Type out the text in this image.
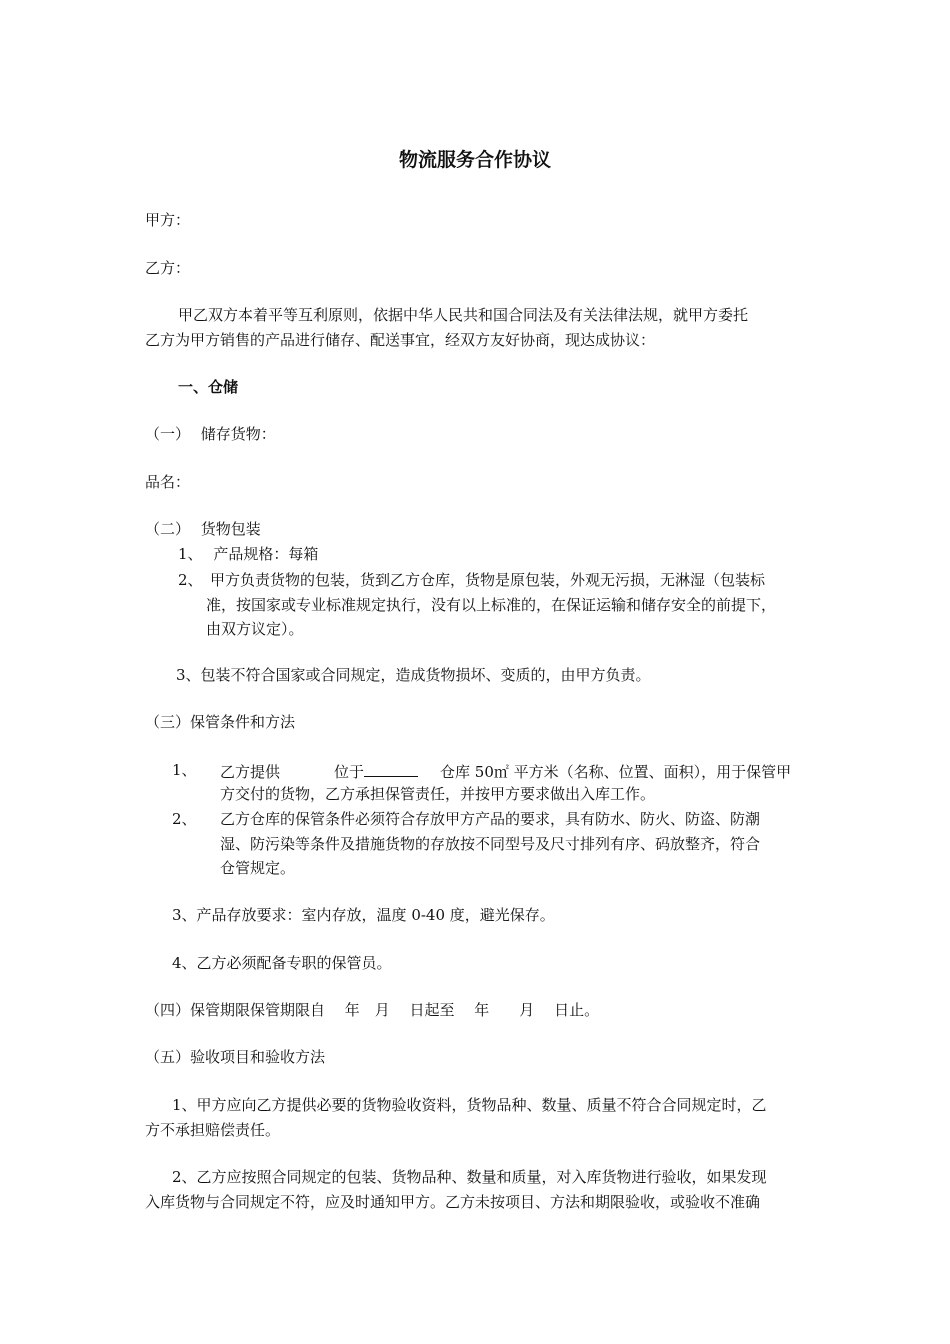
物流服务合作协议
甲方：
乙方：
甲乙双方本着平等互利原则，依据中华人民共和国合同法及有关法律法规，就甲方委托
乙方为甲方销售的产品进行储存、配送事宜，经双方友好协商，现达成协议：
一、仓储
（一） 储存货物：
品名：
（二） 货物包装
1、 产品规格：每箱
2、 甲方负责货物的包装，货到乙方仓库，货物是原包装，外观无污损，无淋湿（包装标
准，按国家或专业标准规定执行，没有以上标准的，在保证运输和储存安全的前提下，
由双方议定）。
3、包装不符合国家或合同规定，造成货物损坏、变质的，由甲方负责。
（三）保管条件和方法
1、 乙方提供	位于	仓库 50㎡ 平方米（名称、位置、面积），用于保管甲
方交付的货物，乙方承担保管责任，并按甲方要求做出入库工作。
2、 乙方仓库的保管条件必须符合存放甲方产品的要求，具有防水、防火、防盗、防潮
湿、防污染等条件及措施货物的存放按不同型号及尺寸排列有序、码放整齐，符合
仓管规定。
3、产品存放要求：室内存放，温度 0-40 度，避光保存。
4、乙方必须配备专职的保管员。
（四）保管期限保管期限自　 年　月　 日起至　 年　　月　 日止。
（五）验收项目和验收方法
1、甲方应向乙方提供必要的货物验收资料，货物品种、数量、质量不符合合同规定时，乙
方不承担赔偿责任。
2、乙方应按照合同规定的包装、货物品种、数量和质量，对入库货物进行验收，如果发现
入库货物与合同规定不符，应及时通知甲方。乙方未按项目、方法和期限验收，或验收不准确
